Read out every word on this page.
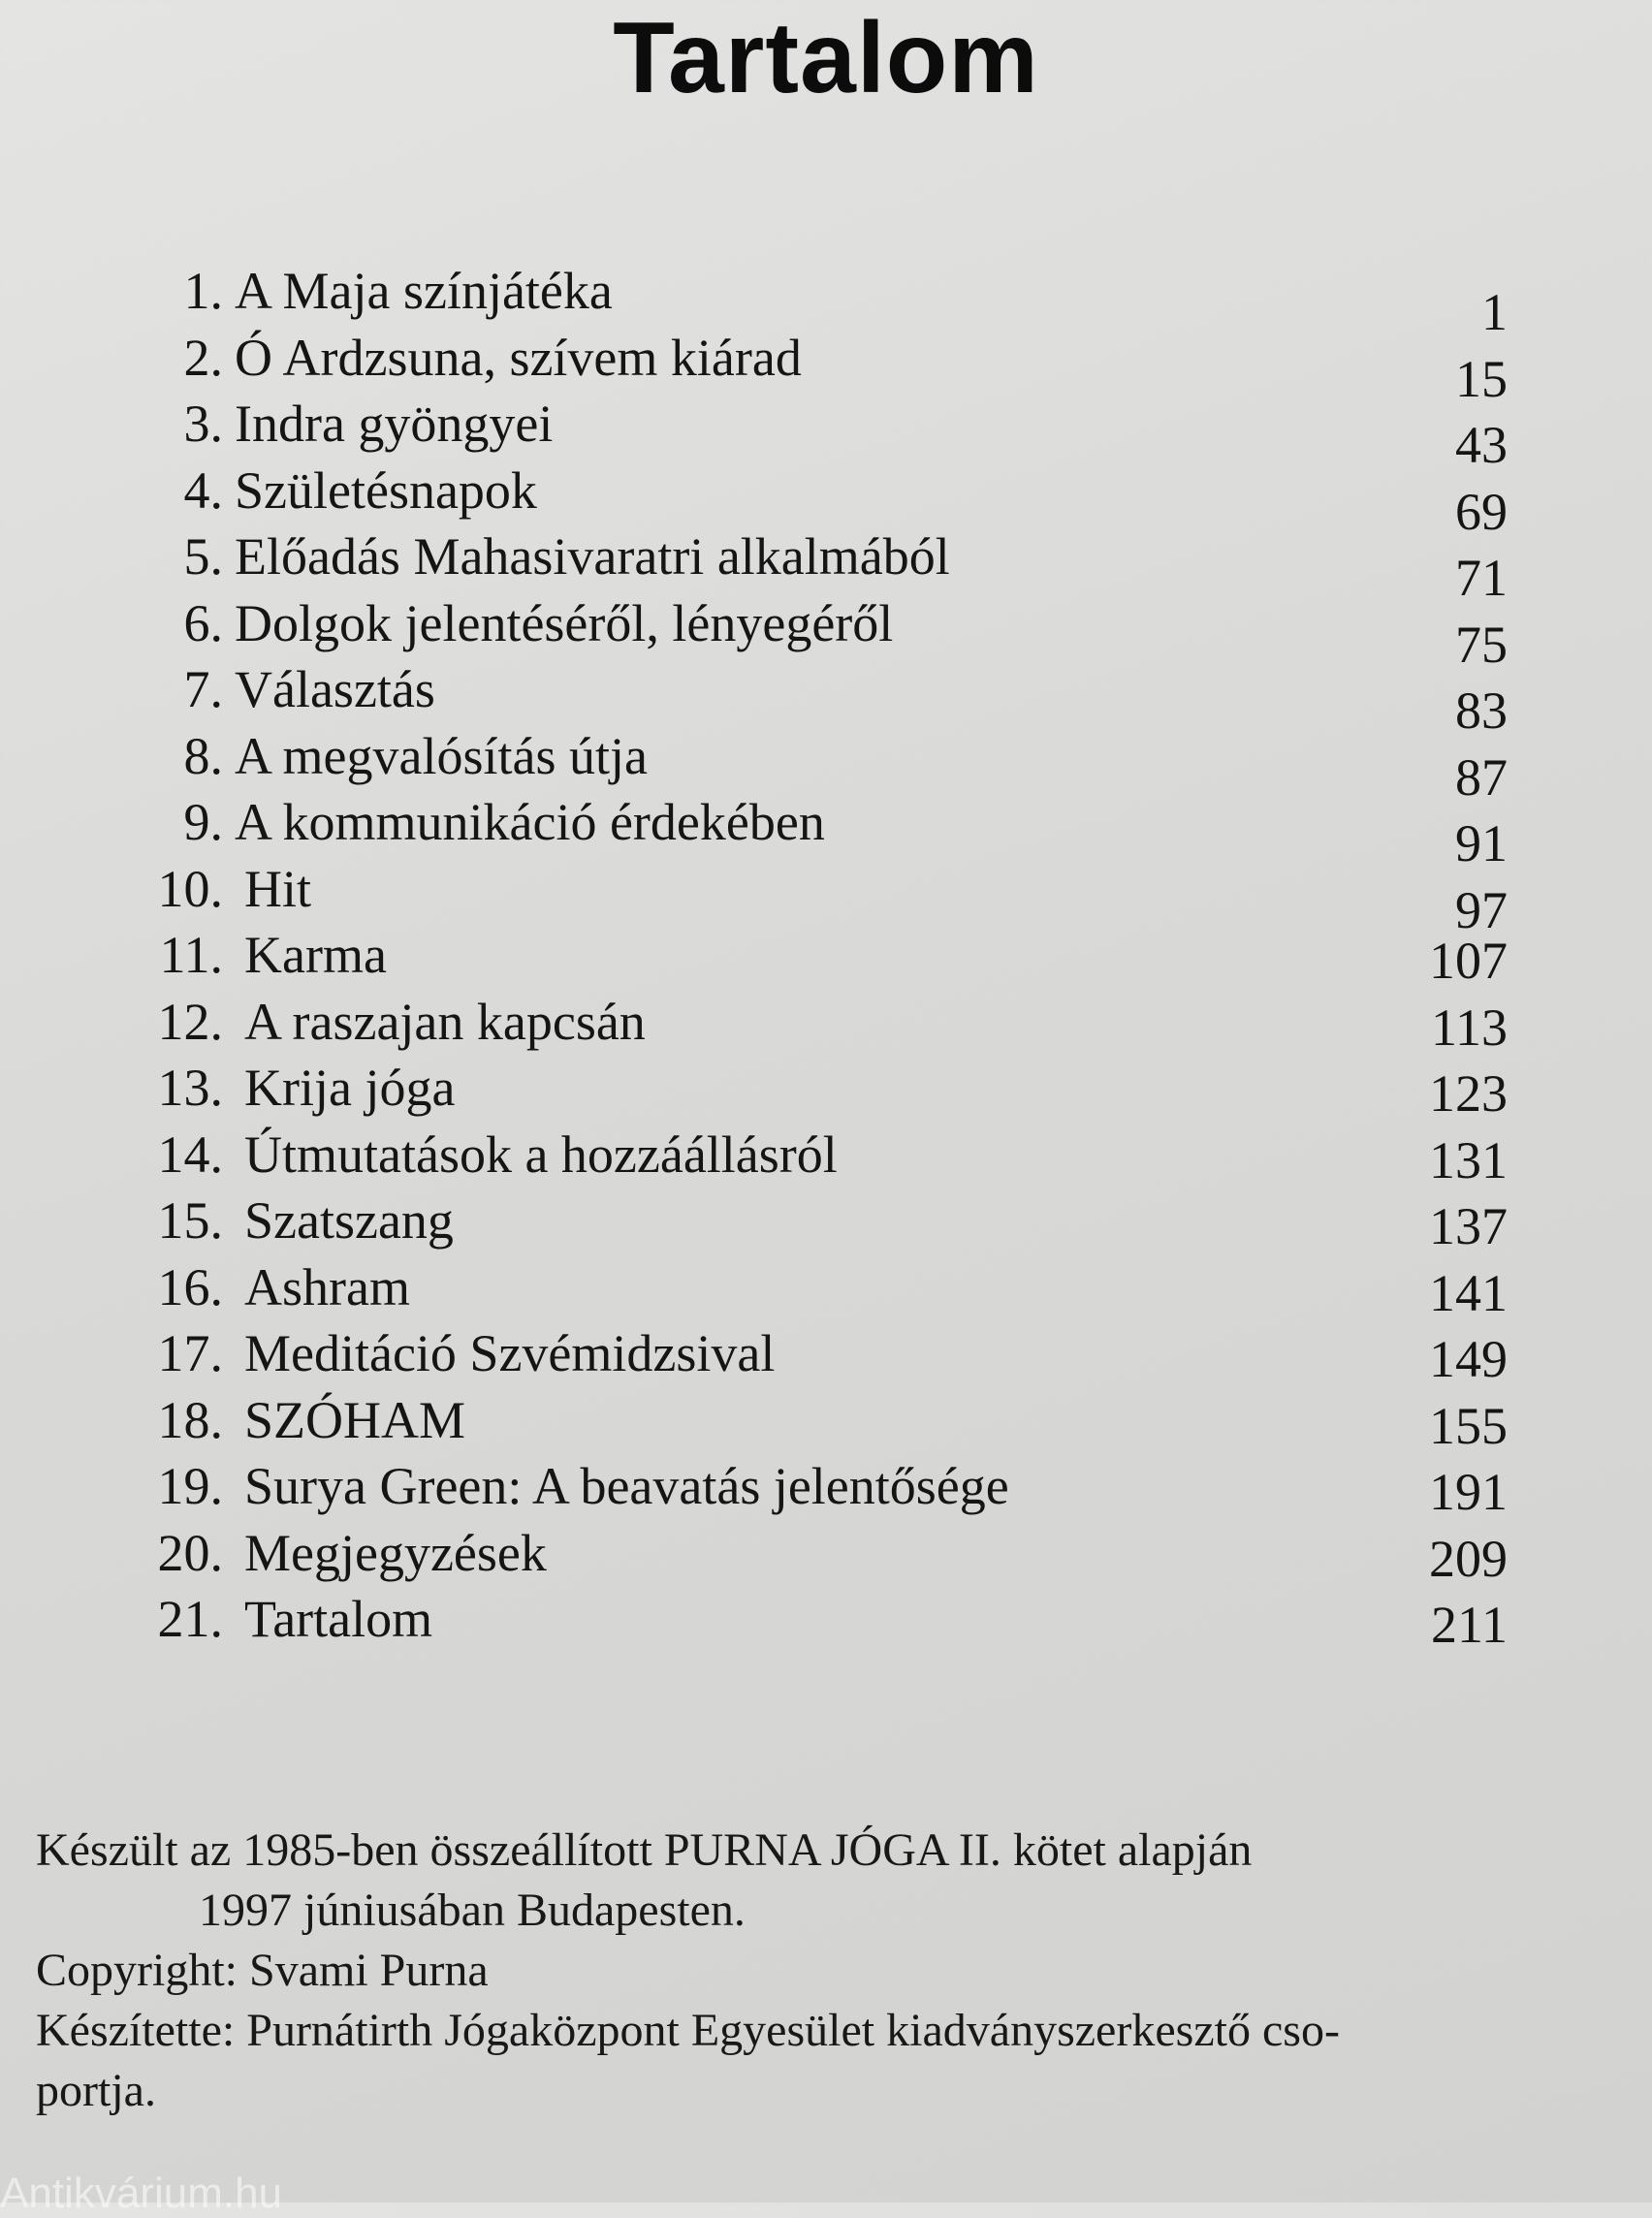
Tartalom
1. A Maja színjátéka	1
2. Ó Ardzsuna, szívem kiárad	15
3. Indra gyöngyei	43
4. Születésnapok	69
5. Előadás Mahasivaratri alkalmából	71
6. Dolgok jelentéséről, lényegéről	75
7. Választás	83
8. A megvalósítás útja	87
9. A kommunikáció érdekében	91
10. Hit	97
11. Karma	107
12. A raszajan kapcsán	113
13. Krija jóga	123
14. Útmutatások a hozzáállásról	131
15. Szatszang	137
16. Ashram	141
17. Meditáció Szvémidzsival	149
18. SZÓHAM	155
19. Surya Green: A beavatás jelentősége	191
20. Megjegyzések	209
21. Tartalom	211

Készült az 1985-ben összeállított PURNA JÓGA II. kötet alapján

1997 júniusában Budapesten.

Copyright: Svami Purna

Készítette: Purnátirth Jógaközpont Egyesület kiadványszerkesztő cso-

portja.

Antikvárium.hu
